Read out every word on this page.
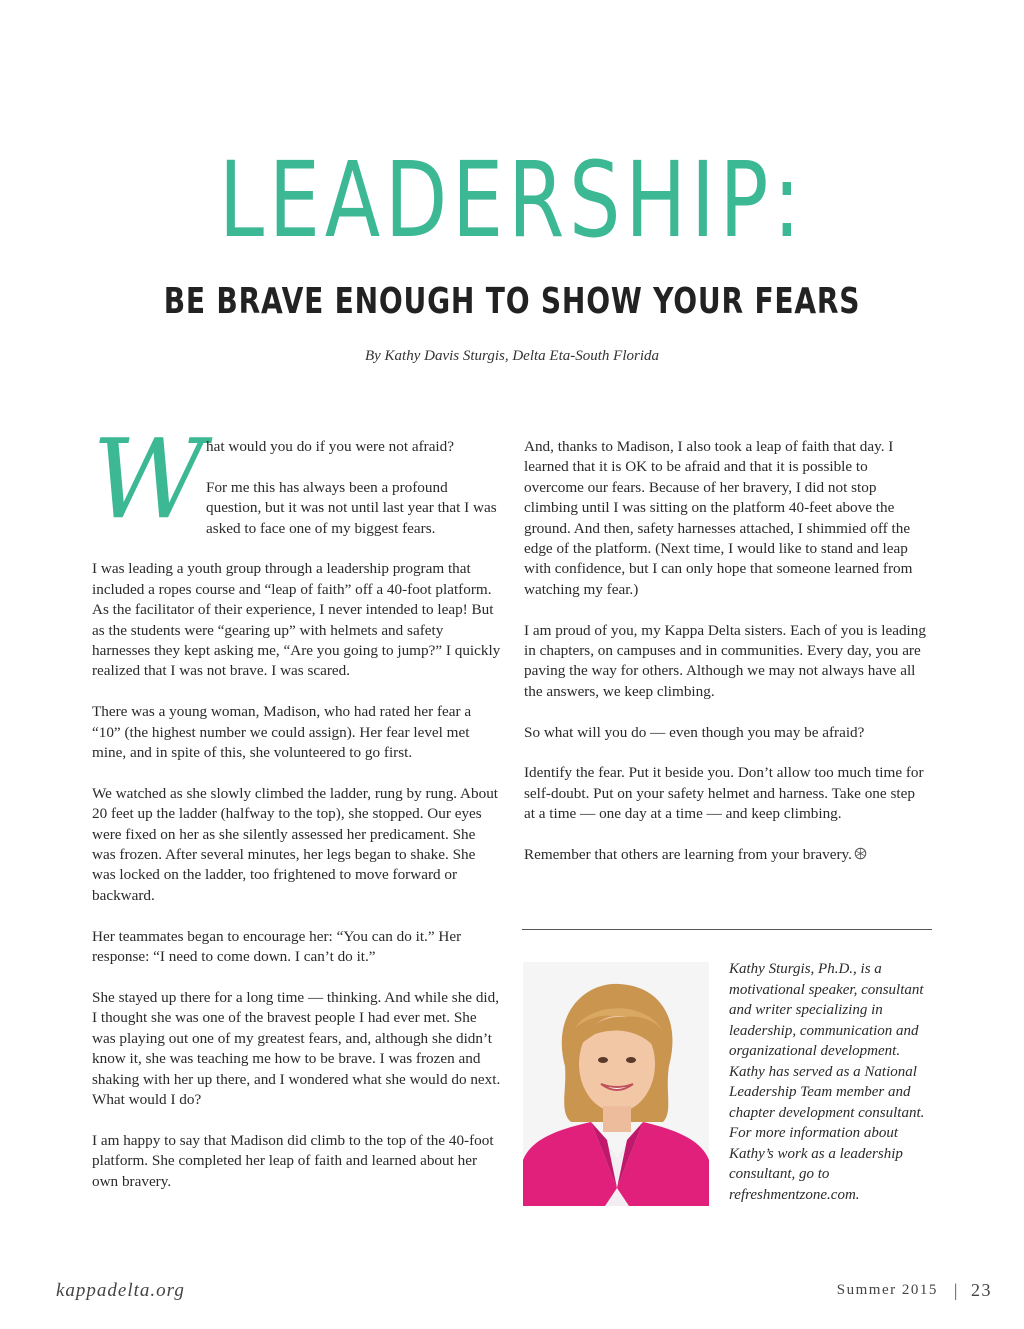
LEADERSHIP:
BE BRAVE ENOUGH TO SHOW YOUR FEARS
By Kathy Davis Sturgis, Delta Eta-South Florida
W hat would you do if you were not afraid?

For me this has always been a profound question, but it was not until last year that I was asked to face one of my biggest fears.

I was leading a youth group through a leadership program that included a ropes course and “leap of faith” off a 40-foot platform. As the facilitator of their experience, I never intended to leap! But as the students were “gearing up” with helmets and safety harnesses they kept asking me, “Are you going to jump?” I quickly realized that I was not brave. I was scared.

There was a young woman, Madison, who had rated her fear a “10” (the highest number we could assign). Her fear level met mine, and in spite of this, she volunteered to go first.

We watched as she slowly climbed the ladder, rung by rung. About 20 feet up the ladder (halfway to the top), she stopped. Our eyes were fixed on her as she silently assessed her predicament. She was frozen. After several minutes, her legs began to shake. She was locked on the ladder, too frightened to move forward or backward.

Her teammates began to encourage her: “You can do it.” Her response: “I need to come down. I can’t do it.”

She stayed up there for a long time — thinking. And while she did, I thought she was one of the bravest people I had ever met. She was playing out one of my greatest fears, and, although she didn’t know it, she was teaching me how to be brave. I was frozen and shaking with her up there, and I wondered what she would do next. What would I do?

I am happy to say that Madison did climb to the top of the 40-foot platform. She completed her leap of faith and learned about her own bravery.

And, thanks to Madison, I also took a leap of faith that day. I learned that it is OK to be afraid and that it is possible to overcome our fears. Because of her bravery, I did not stop climbing until I was sitting on the platform 40-feet above the ground. And then, safety harnesses attached, I shimmied off the edge of the platform. (Next time, I would like to stand and leap with confidence, but I can only hope that someone learned from watching my fear.)

I am proud of you, my Kappa Delta sisters. Each of you is leading in chapters, on campuses and in communities. Every day, you are paving the way for others. Although we may not always have all the answers, we keep climbing.

So what will you do — even though you may be afraid?

Identify the fear. Put it beside you. Don’t allow too much time for self-doubt. Put on your safety helmet and harness. Take one step at a time — one day at a time — and keep climbing.

Remember that others are learning from your bravery.

Kathy Sturgis, Ph.D., is a motivational speaker, consultant and writer specializing in leadership, communication and organizational development. Kathy has served as a National Leadership Team member and chapter development consultant. For more information about Kathy’s work as a leadership consultant, go to refreshmentzone.com.
kappadelta.org	Summer 2015 | 23
